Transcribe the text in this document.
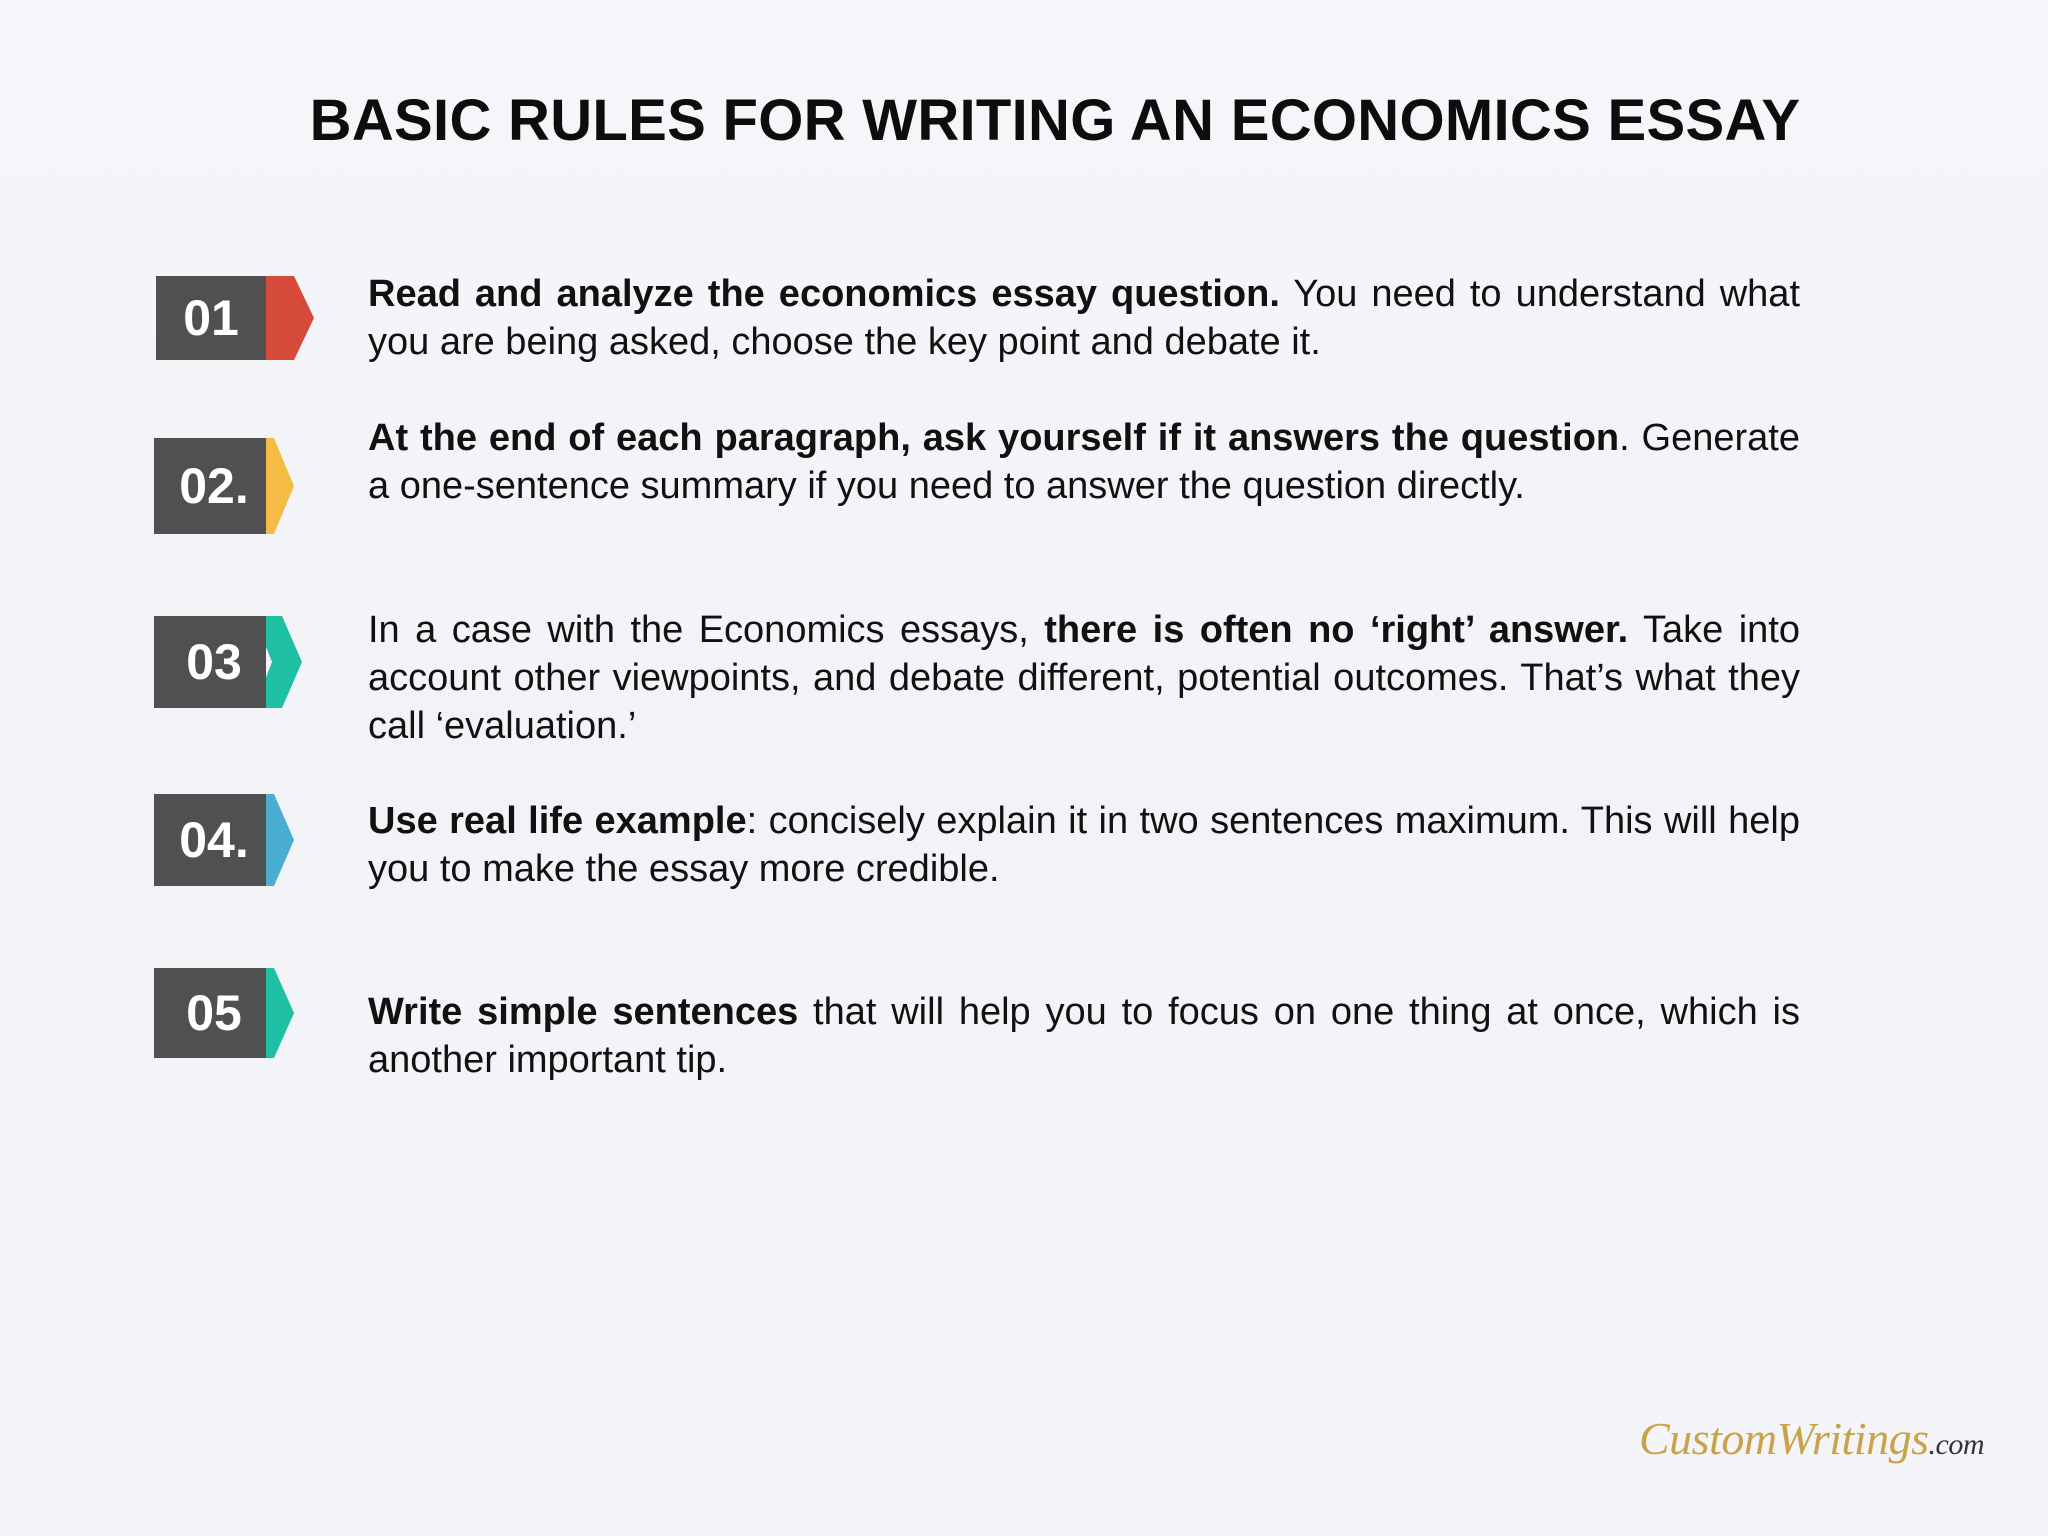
BASIC RULES FOR WRITING AN ECONOMICS ESSAY
01	Read and analyze the economics essay question. You need to understand what you are being asked, choose the key point and debate it.
02.
At the end of each paragraph, ask yourself if it answers the question. Generate a one-sentence summary if you need to answer the question directly.
03
In a case with the Economics essays, there is often no ‘right’ answer. Take into account other viewpoints, and debate different, potential outcomes. That’s what they call ‘evaluation.’
04.	Use real life example: concisely explain it in two sentences maximum. This will help you to make the essay more credible.
05	Write simple sentences that will help you to focus on one thing at once, which is another important tip.
CustomWritings.com
